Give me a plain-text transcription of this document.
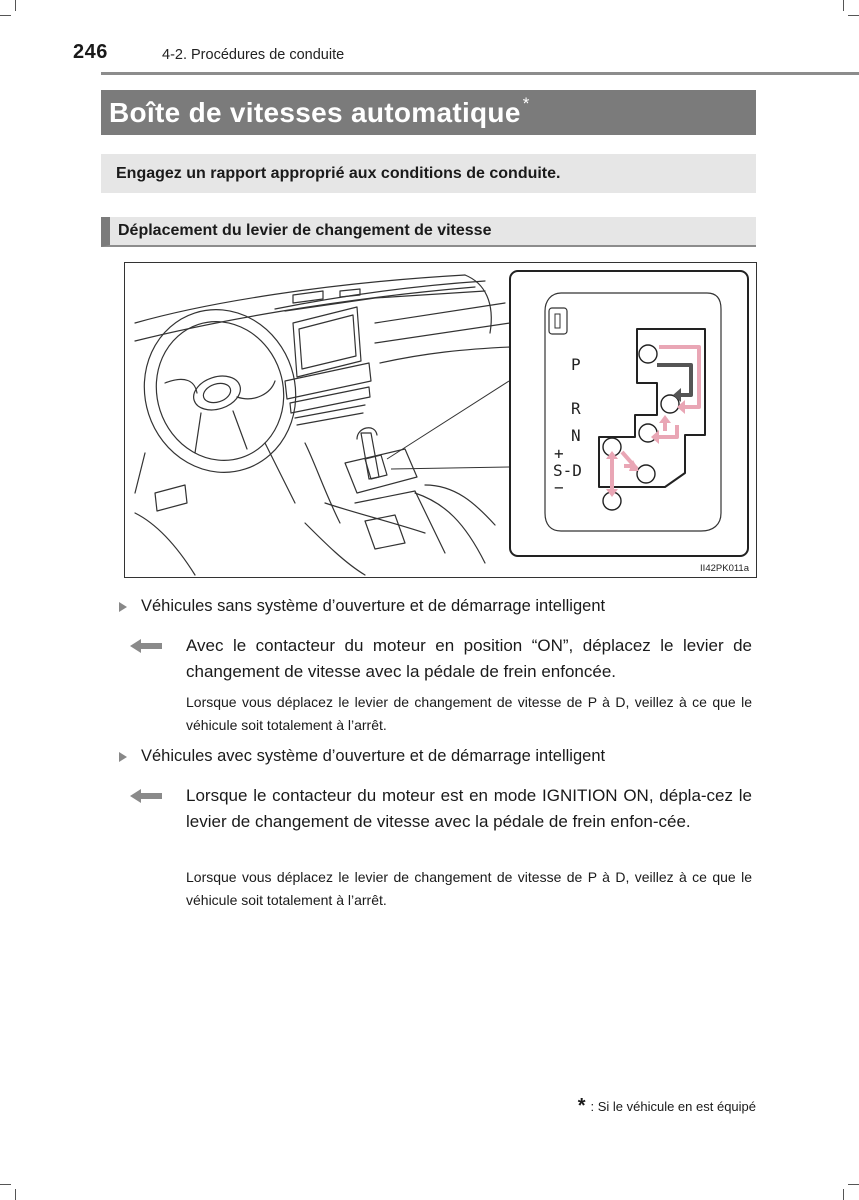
246	4-2. Procédures de conduite
Boîte de vitesses automatique *
Engagez un rapport approprié aux conditions de conduite.
Déplacement du levier de changement de vitesse
P
R
N
+
S-D
−
II42PK011a
Véhicules sans système d’ouverture et de démarrage intelligent
Avec le contacteur du moteur en position “ON”, déplacez le levier de changement de vitesse avec la pédale de frein enfoncée.
Lorsque vous déplacez le levier de changement de vitesse de P à D, veillez à ce que le véhicule soit totalement à l’arrêt.
Véhicules avec système d’ouverture et de démarrage intelligent
Lorsque le contacteur du moteur est en mode IGNITION ON, dépla-cez le levier de changement de vitesse avec la pédale de frein enfon-cée.
Lorsque vous déplacez le levier de changement de vitesse de P à D, veillez à ce que le véhicule soit totalement à l’arrêt.
* : Si le véhicule en est équipé
